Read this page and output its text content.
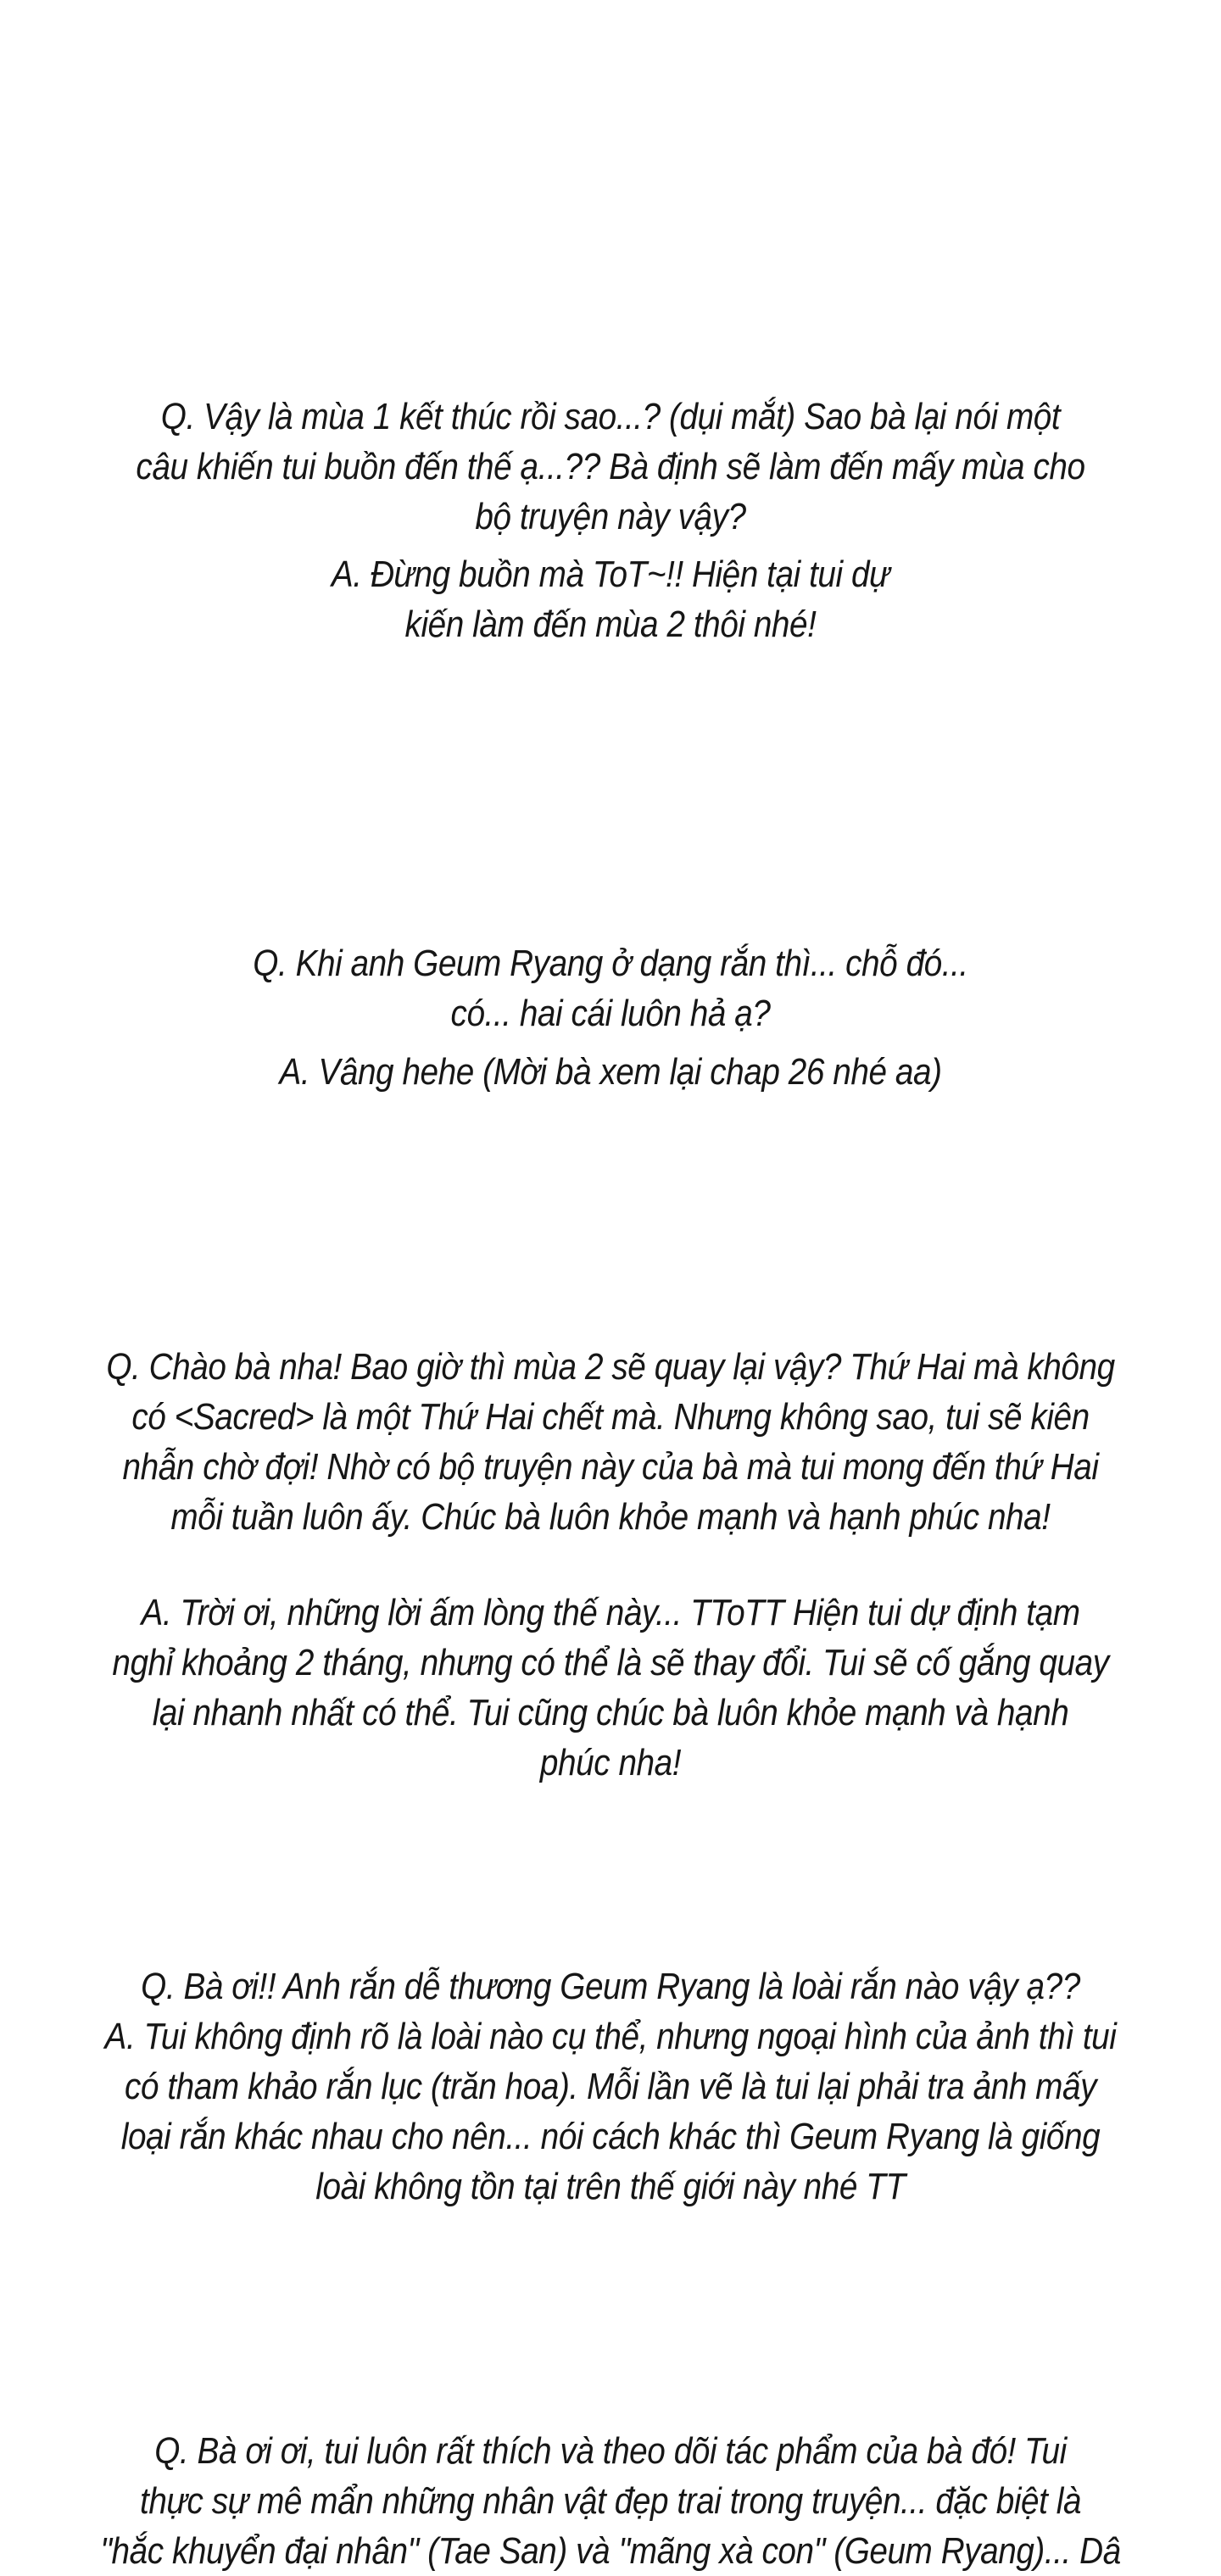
Q. Vậy là mùa 1 kết thúc rồi sao...? (dụi mắt) Sao bà lại nói một
câu khiến tui buồn đến thế ạ...?? Bà định sẽ làm đến mấy mùa cho
bộ truyện này vậy?
A. Đừng buồn mà ToT~!! Hiện tại tui dự
kiến làm đến mùa 2 thôi nhé!
Q. Khi anh Geum Ryang ở dạng rắn thì... chỗ đó...
có... hai cái luôn hả ạ?
A. Vâng hehe (Mời bà xem lại chap 26 nhé aa)
Q. Chào bà nha! Bao giờ thì mùa 2 sẽ quay lại vậy? Thứ Hai mà không
có <Sacred> là một Thứ Hai chết mà. Nhưng không sao, tui sẽ kiên
nhẫn chờ đợi! Nhờ có bộ truyện này của bà mà tui mong đến thứ Hai
mỗi tuần luôn ấy. Chúc bà luôn khỏe mạnh và hạnh phúc nha!
A. Trời ơi, những lời ấm lòng thế này... TToTT Hiện tui dự định tạm
nghỉ khoảng 2 tháng, nhưng có thể là sẽ thay đổi. Tui sẽ cố gắng quay
lại nhanh nhất có thể. Tui cũng chúc bà luôn khỏe mạnh và hạnh
phúc nha!
Q. Bà ơi!! Anh rắn dễ thương Geum Ryang là loài rắn nào vậy ạ??
A. Tui không định rõ là loài nào cụ thể, nhưng ngoại hình của ảnh thì tui
có tham khảo rắn lục (trăn hoa). Mỗi lần vẽ là tui lại phải tra ảnh mấy
loại rắn khác nhau cho nên... nói cách khác thì Geum Ryang là giống
loài không tồn tại trên thế giới này nhé TT
Q. Bà ơi ơi, tui luôn rất thích và theo dõi tác phẩm của bà đó! Tui
thực sự mê mẩn những nhân vật đẹp trai trong truyện... đặc biệt là
"hắc khuyển đại nhân" (Tae San) và "mãng xà con" (Geum Ryang)... Dâ
